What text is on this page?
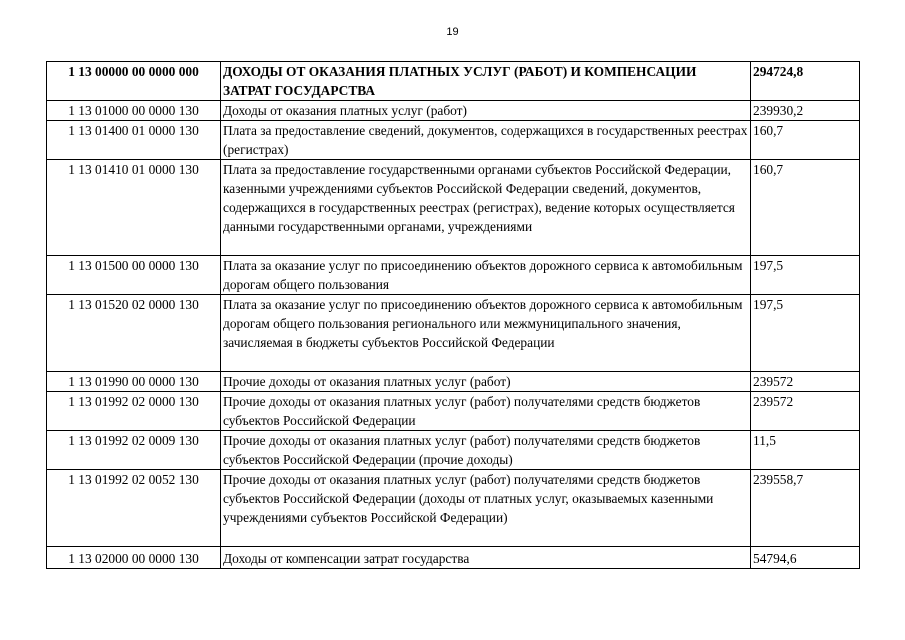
19
1 13 00000 00 0000 000	ДОХОДЫ ОТ ОКАЗАНИЯ ПЛАТНЫХ УСЛУГ (РАБОТ) И КОМПЕНСАЦИИ ЗАТРАТ ГОСУДАРСТВА	294724,8
1 13 01000 00 0000 130	Доходы от оказания платных услуг (работ)	239930,2
1 13 01400 01 0000 130	Плата за предоставление сведений, документов, содержащихся в государственных реестрах (регистрах)	160,7
1 13 01410 01 0000 130	Плата за предоставление государственными органами субъектов Российской Федерации, казенными учреждениями субъектов Российской Федерации сведений, документов, содержащихся в государственных реестрах (регистрах), ведение которых осуществляется данными государственными органами, учреждениями	160,7
1 13 01500 00 0000 130	Плата за оказание услуг по присоединению объектов дорожного сервиса к автомобильным дорогам общего пользования	197,5
1 13 01520 02 0000 130	Плата за оказание услуг по присоединению объектов дорожного сервиса к автомобильным дорогам общего пользования регионального или межмуниципального значения, зачисляемая в бюджеты субъектов Российской Федерации	197,5
1 13 01990 00 0000 130	Прочие доходы от оказания платных услуг (работ)	239572
1 13 01992 02 0000 130	Прочие доходы от оказания платных услуг (работ) получателями средств бюджетов субъектов Российской Федерации	239572
1 13 01992 02 0009 130	Прочие доходы от оказания платных услуг (работ) получателями средств бюджетов субъектов Российской Федерации (прочие доходы)	11,5
1 13 01992 02 0052 130	Прочие доходы от оказания платных услуг (работ) получателями средств бюджетов субъектов Российской Федерации (доходы от платных услуг, оказываемых казенными учреждениями субъектов Российской Федерации)	239558,7
1 13 02000 00 0000 130	Доходы от компенсации затрат государства	54794,6
